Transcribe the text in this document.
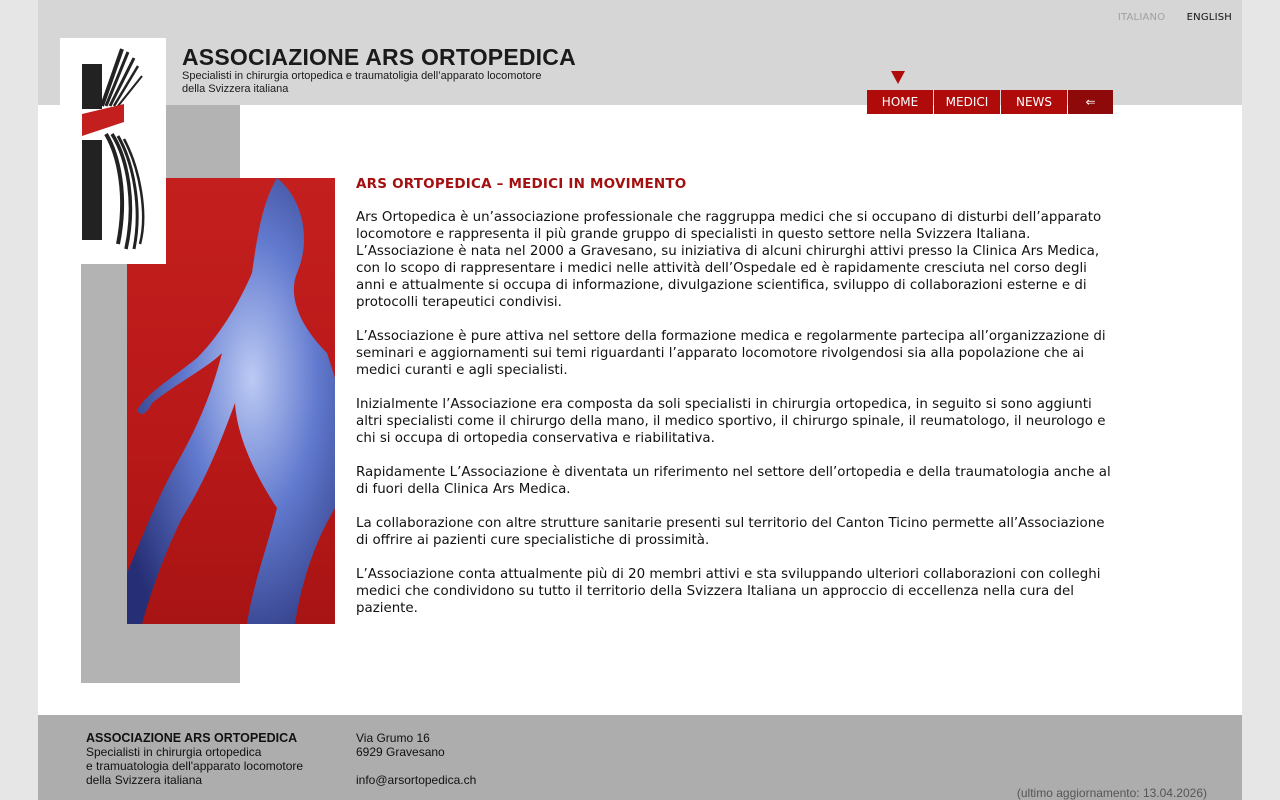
ITALIANO ENGLISH
ASSOCIAZIONE ARS ORTOPEDICA
Specialisti in chirurgia ortopedica e traumatoligia dell’apparato locomotore
della Svizzera italiana
HOME	MEDICI	NEWS	⇐
ARS ORTOPEDICA – MEDICI IN MOVIMENTO

Ars Ortopedica è un’associazione professionale che raggruppa medici che si occupano di disturbi dell’apparato locomotore e rappresenta il più grande gruppo di specialisti in questo settore nella Svizzera Italiana.
L’Associazione è nata nel 2000 a Gravesano, su iniziativa di alcuni chirurghi attivi presso la Clinica Ars Medica, con lo scopo di rappresentare i medici nelle attività dell’Ospedale ed è rapidamente cresciuta nel corso degli anni e attualmente si occupa di informazione, divulgazione scientifica, sviluppo di collaborazioni esterne e di protocolli terapeutici condivisi.

L’Associazione è pure attiva nel settore della formazione medica e regolarmente partecipa all’organizzazione di seminari e aggiornamenti sui temi riguardanti l’apparato locomotore rivolgendosi sia alla popolazione che ai medici curanti e agli specialisti.

Inizialmente l’Associazione era composta da soli specialisti in chirurgia ortopedica, in seguito si sono aggiunti altri specialisti come il chirurgo della mano, il medico sportivo, il chirurgo spinale, il reumatologo, il neurologo e chi si occupa di ortopedia conservativa e riabilitativa.

Rapidamente L’Associazione è diventata un riferimento nel settore dell’ortopedia e della traumatologia anche al di fuori della Clinica Ars Medica.

La collaborazione con altre strutture sanitarie presenti sul territorio del Canton Ticino permette all’Associazione di offrire ai pazienti cure specialistiche di prossimità.

L’Associazione conta attualmente più di 20 membri attivi e sta sviluppando ulteriori collaborazioni con colleghi medici che condividono su tutto il territorio della Svizzera Italiana un approccio di eccellenza nella cura del paziente.

ASSOCIAZIONE ARS ORTOPEDICA
Specialisti in chirurgia ortopedica
e tramuatologia dell'apparato locomotore
della Svizzera italiana
Via Grumo 16
6929 Gravesano
info@arsortopedica.ch
(ultimo aggiornamento: 13.04.2026)
